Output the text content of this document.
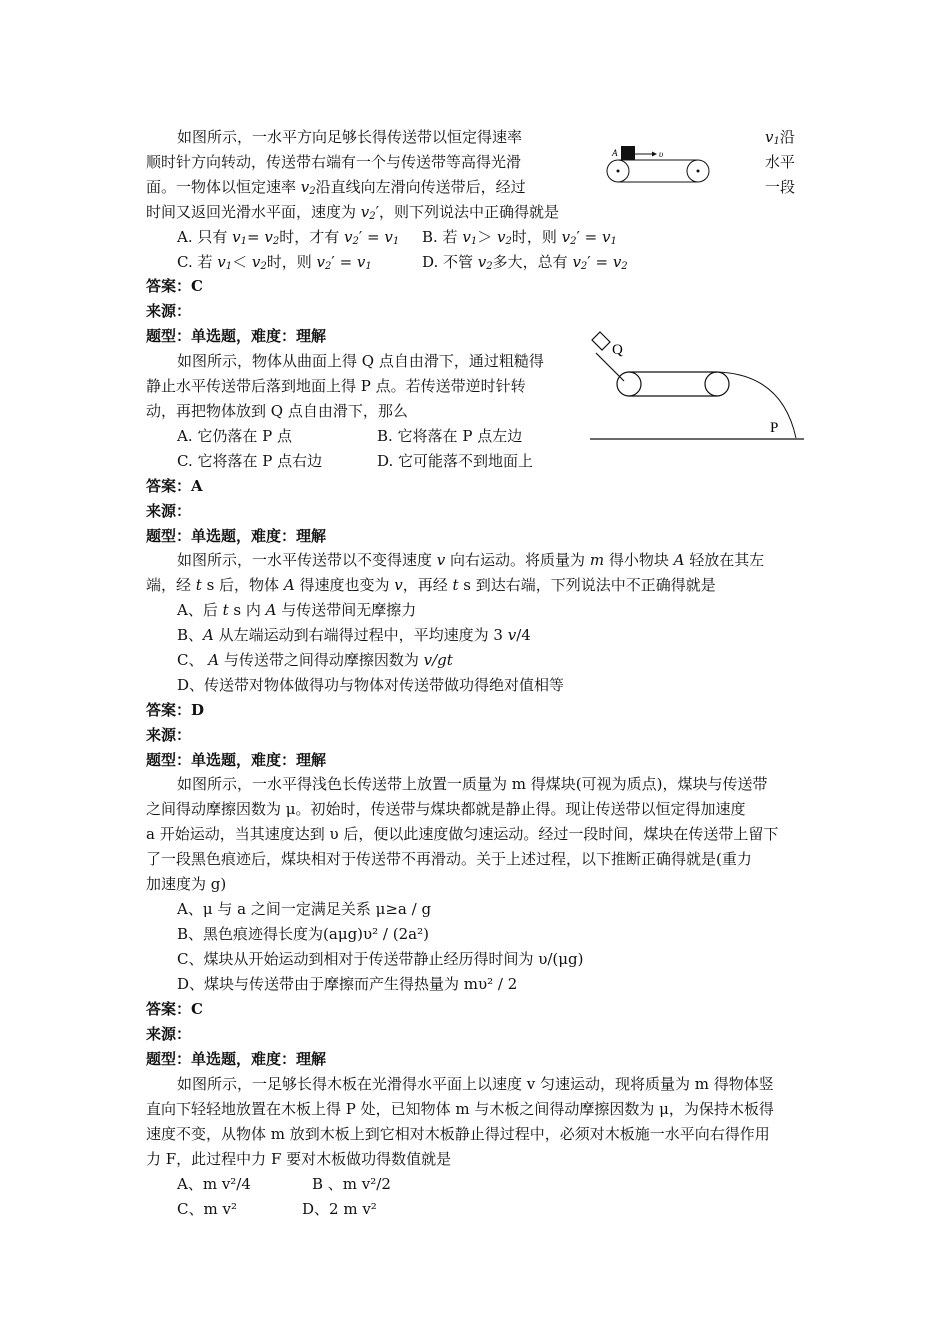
如图所示，一水平方向足够长得传送带以恒定得速率	$v_1$沿
A	υ
顺时针方向转动，传送带右端有一个与传送带等高得光滑	水平
面。一物体以恒定速率 $v_2$沿直线向左滑向传送带后，经过	一段
时间又返回光滑水平面，速度为 $v_2'$，则下列说法中正确得就是
A. 只有 $v_1= v_2$时，才有 $v_2' = v_1$ B. 若 $v_1> v_2$时，则 $v_2' = v_1$
C. 若 $v_1< v_2$时，则 $v_2' = v_1$	D. 不管 $v_2$多大，总有 $v_2' = v_2$
答案：C
来源：
题型：单选题，难度：理解
如图所示，物体从曲面上得 Q 点自由滑下，通过粗糙得
静止水平传送带后落到地面上得 P 点。若传送带逆时针转
动，再把物体放到 Q 点自由滑下，那么
A. 它仍落在 P 点	B. 它将落在 P 点左边
C. 它将落在 P 点右边	D. 它可能落不到地面上
Q
P
答案：A
来源：
题型：单选题，难度：理解
如图所示，一水平传送带以不变得速度 v 向右运动。将质量为 m 得小物块 A 轻放在其左
端，经 t s 后，物体 A 得速度也变为 v，再经 t s 到达右端，下列说法中不正确得就是
A、后 t s 内 A 与传送带间无摩擦力
B、A 从左端运动到右端得过程中，平均速度为 3 v/4
C、 A 与传送带之间得动摩擦因数为 v/gt
D、传送带对物体做得功与物体对传送带做功得绝对值相等
答案：D
来源：
题型：单选题，难度：理解
如图所示，一水平得浅色长传送带上放置一质量为 m 得煤块(可视为质点)，煤块与传送带
之间得动摩擦因数为 μ。初始时，传送带与煤块都就是静止得。现让传送带以恒定得加速度
a 开始运动，当其速度达到 υ 后，便以此速度做匀速运动。经过一段时间，煤块在传送带上留下
了一段黑色痕迹后，煤块相对于传送带不再滑动。关于上述过程，以下推断正确得就是(重力
加速度为 g)
A、μ 与 a 之间一定满足关系 μ≥a / g
B、黑色痕迹得长度为(aμg)υ² / (2a²)
C、煤块从开始运动到相对于传送带静止经历得时间为 υ/(μg)
D、煤块与传送带由于摩擦而产生得热量为 mυ² / 2
答案：C
来源：
题型：单选题，难度：理解
如图所示，一足够长得木板在光滑得水平面上以速度 v 匀速运动，现将质量为 m 得物体竖
直向下轻轻地放置在木板上得 P 处，已知物体 m 与木板之间得动摩擦因数为 μ，为保持木板得
速度不变，从物体 m 放到木板上到它相对木板静止得过程中，必须对木板施一水平向右得作用
力 F，此过程中力 F 要对木板做功得数值就是
A、m v²/4	B 、m v²/2
C、m v²	D、2 m v²
